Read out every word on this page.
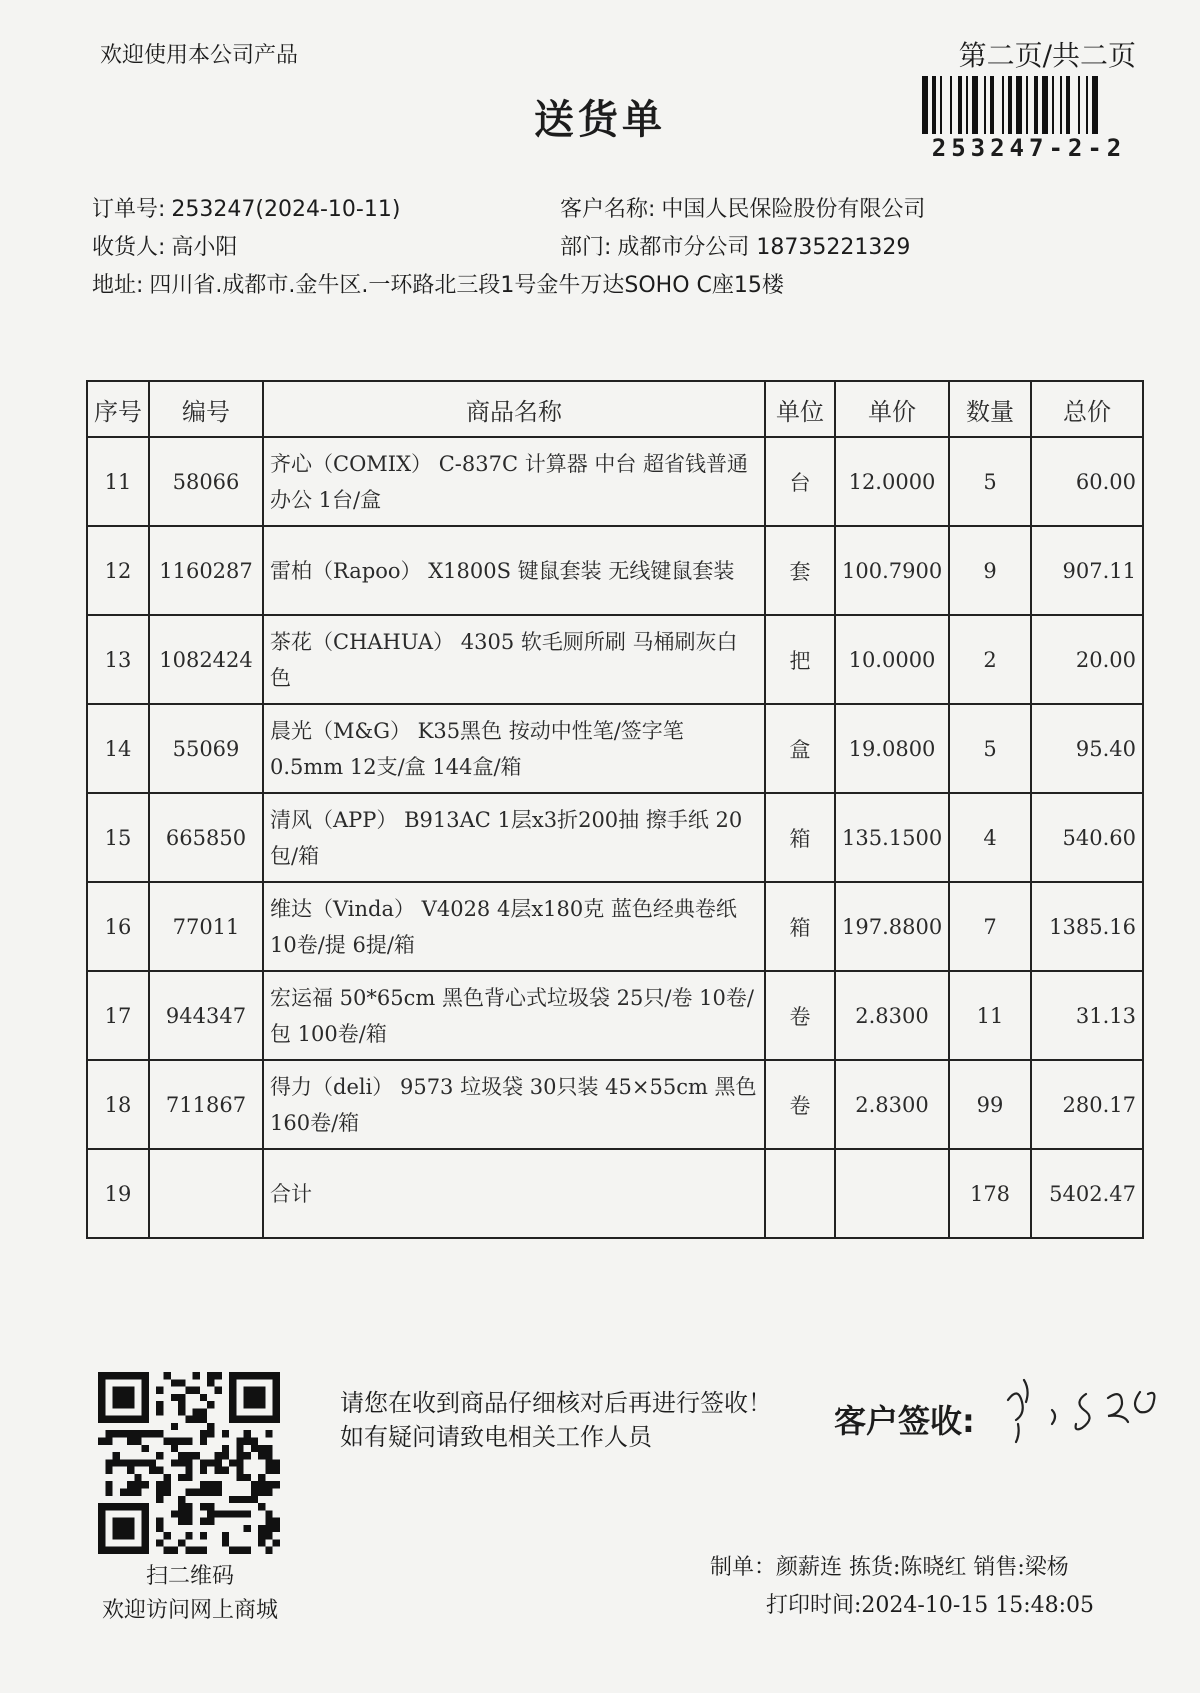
欢迎使用本公司产品	第二页/共二页
送货单
253247-2-2
订单号: 253247(2024-10-11)	客户名称: 中国人民保险股份有限公司
收货人: 高小阳	部门: 成都市分公司 18735221329
地址: 四川省.成都市.金牛区.一环路北三段1号金牛万达SOHO C座15楼
序号	编号	商品名称	单位	单价	数量	总价
11	58066	齐心（COMIX） C-837C 计算器 中台 超省钱普通办公 1台/盒	台	12.0000	5	60.00
12	1160287	雷柏（Rapoo） X1800S 键鼠套装 无线键鼠套装	套	100.7900	9	907.11
13	1082424	茶花（CHAHUA） 4305 软毛厕所刷 马桶刷灰白色	把	10.0000	2	20.00
14	55069	晨光（M&G） K35黑色 按动中性笔/签字笔 0.5mm 12支/盒 144盒/箱	盒	19.0800	5	95.40
15	665850	清风（APP） B913AC 1层x3折200抽 擦手纸 20包/箱	箱	135.1500	4	540.60
16	77011	维达（Vinda） V4028 4层x180克 蓝色经典卷纸 10卷/提 6提/箱	箱	197.8800	7	1385.16
17	944347	宏运福 50*65cm 黑色背心式垃圾袋 25只/卷 10卷/包 100卷/箱	卷	2.8300	11	31.13
18	711867	得力（deli） 9573 垃圾袋 30只装 45×55cm 黑色 160卷/箱	卷	2.8300	99	280.17
19		合计			178	5402.47
扫二维码
欢迎访问网上商城
请您在收到商品仔细核对后再进行签收！如有疑问请致电相关工作人员	客户签收:
制单：颜薪连 拣货:陈晓红 销售:梁杨
打印时间:2024-10-15 15:48:05
